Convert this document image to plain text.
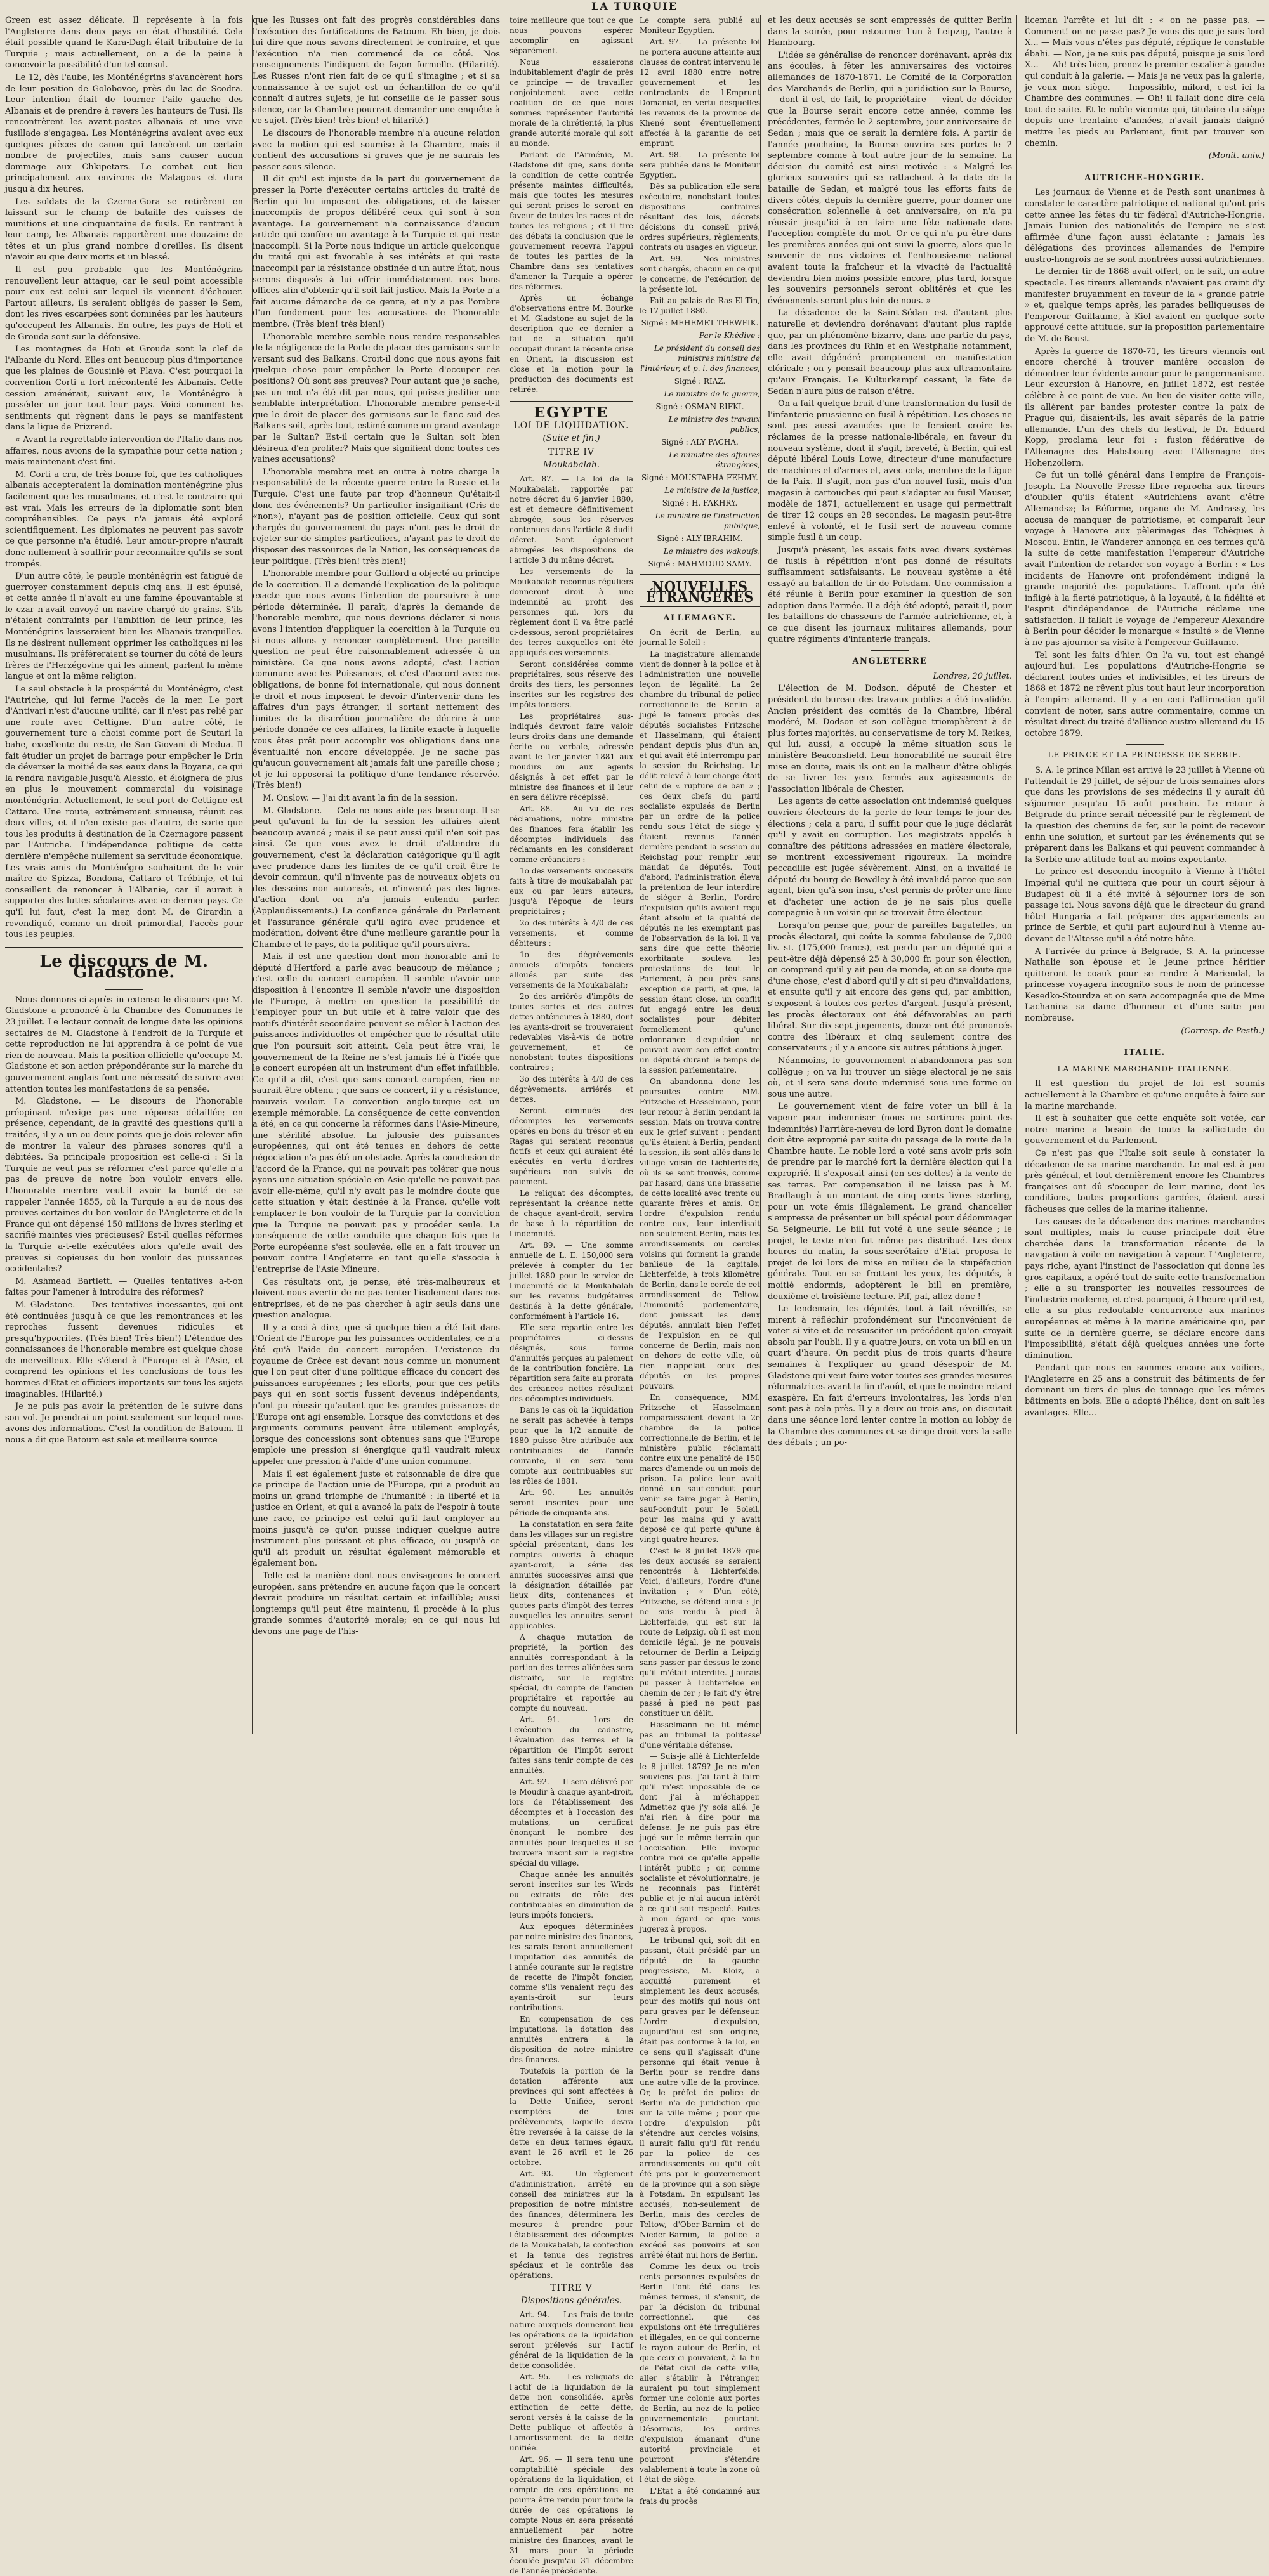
LA TURQUIE

Green est assez délicate. Il représente à la fois l'Angleterre dans deux pays en état d'hostilité. Cela était possible quand le Kara-Dagh était tributaire de la Turquie ; mais actuellement, on a de la peine à concevoir la possibilité d'un tel consul.

Le 12, dès l'aube, les Monténégrins s'avancèrent hors de leur position de Golobovce, près du lac de Scodra. Leur intention était de tourner l'aile gauche des Albanais et de prendre à revers les hauteurs de Tusi. Ils rencontrèrent les avant-postes albanais et une vive fusillade s'engagea. Les Monténégrins avaient avec eux quelques pièces de canon qui lancèrent un certain nombre de projectiles, mais sans causer aucun dommage aux Chkipetars. Le combat eut lieu principalement aux environs de Matagous et dura jusqu'à dix heures.

Les soldats de la Czerna-Gora se retirèrent en laissant sur le champ de bataille des caisses de munitions et une cinquantaine de fusils. En rentrant à leur camp, les Albanais rapportèrent une douzaine de têtes et un plus grand nombre d'oreilles. Ils disent n'avoir eu que deux morts et un blessé.

Il est peu probable que les Monténégrins renouvellent leur attaque, car le seul point accessible pour eux est celui sur lequel ils viennent d'échouer. Partout ailleurs, ils seraient obligés de passer le Sem, dont les rives escarpées sont dominées par les hauteurs qu'occupent les Albanais. En outre, les pays de Hoti et de Grouda sont sur la défensive.

Les montagnes de Hoti et Grouda sont la clef de l'Albanie du Nord. Elles ont beaucoup plus d'importance que les plaines de Gousinié et Plava. C'est pourquoi la convention Corti a fort mécontenté les Albanais. Cette cession aménérait, suivant eux, le Monténégro à posséder un jour tout leur pays. Voici comment les sentiments qui règnent dans le pays se manifestent dans la ligue de Prizrend.

« Avant la regrettable intervention de l'Italie dans nos affaires, nous avions de la sympathie pour cette nation ; mais maintenant c'est fini.

M. Corti a cru, de très bonne foi, que les catholiques albanais accepteraient la domination monténégrine plus facilement que les musulmans, et c'est le contraire qui est vrai. Mais les erreurs de la diplomatie sont bien compréhensibles. Ce pays n'a jamais été exploré scientifiquement. Les diplomates ne peuvent pas savoir ce que personne n'a étudié. Leur amour-propre n'aurait donc nullement à souffrir pour reconnaître qu'ils se sont trompés.

D'un autre côté, le peuple monténégrin est fatigué de guerroyer constamment depuis cinq ans. Il est épuisé, et cette année il n'avait eu une famine épouvantable si le czar n'avait envoyé un navire chargé de grains. S'ils n'étaient contraints par l'ambition de leur prince, les Monténégrins laisseraient bien les Albanais tranquilles. Ils ne désirent nullement opprimer les catholiques ni les musulmans. Ils préféreraient se tourner du côté de leurs frères de l'Herzégovine qui les aiment, parlent la même langue et ont la même religion.

Le seul obstacle à la prospérité du Monténégro, c'est l'Autriche, qui lui ferme l'accès de la mer. Le port d'Antivari n'est d'aucune utilité, car il n'est pas relié par une route avec Cettigne. D'un autre côté, le gouvernement turc a choisi comme port de Scutari la bahe, excellente du reste, de San Giovani di Medua. Il fait étudier un projet de barrage pour empêcher le Drin de déverser la moitié de ses eaux dans la Boyana, ce qui la rendra navigable jusqu'à Alessio, et éloignera de plus en plus le mouvement commercial du voisinage monténégrin. Actuellement, le seul port de Cettigne est Cattaro. Une route, extrêmement sinueuse, réunit ces deux villes, et il n'en existe pas d'autre, de sorte que tous les produits à destination de la Czernagore passent par l'Autriche. L'indépendance politique de cette dernière n'empêche nullement sa servitude économique. Les vrais amis du Monténégro souhaitent de le voir maître de Spizza, Bondona, Cattaro et Trébinje, et lui conseillent de renoncer à l'Albanie, car il aurait à supporter des luttes séculaires avec ce dernier pays. Ce qu'il lui faut, c'est la mer, dont M. de Girardin a revendiqué, comme un droit primordial, l'accès pour tous les peuples.

Le discours de M. Gladstone.

Nous donnons ci-après in extenso le discours que M. Gladstone a prononcé à la Chambre des Communes le 23 juillet. Le lecteur connaît de longue date les opinions sectaires de M. Gladstone à l'endroit de la Turquie et cette reproduction ne lui apprendra à ce point de vue rien de nouveau. Mais la position officielle qu'occupe M. Gladstone et son action prépondérante sur la marche du gouvernement anglais font une nécessité de suivre avec attention toutes les manifestations de sa pensée.

M. Gladstone. — Le discours de l'honorable préopinant m'exige pas une réponse détaillée; en présence, cependant, de la gravité des questions qu'il a traitées, il y a un ou deux points que je dois relever afin de montrer la valeur des phrases sonores qu'il a débitées. Sa principale proposition est celle-ci : Si la Turquie ne veut pas se réformer c'est parce qu'elle n'a pas de preuve de notre bon vouloir envers elle. L'honorable membre veut-il avoir la bonté de se rappeler l'année 1855, où la Turquie a eu de nous des preuves certaines du bon vouloir de l'Angleterre et de la France qui ont dépensé 150 millions de livres sterling et sacrifié maintes vies précieuses? Est-il quelles réformes la Turquie a-t-elle exécutées alors qu'elle avait des preuves si copieuses du bon vouloir des puissances occidentales?

M. Ashmead Bartlett. — Quelles tentatives a-t-on faites pour l'amener à introduire des réformes?

M. Gladstone. — Des tentatives incessantes, qui ont été continuées jusqu'à ce que les remontrances et les reproches fussent devenues ridicules et presqu'hypocrites. (Très bien! Très bien!) L'étendue des connaissances de l'honorable membre est quelque chose de merveilleux. Elle s'étend à l'Europe et à l'Asie, et comprend les opinions et les conclusions de tous les hommes d'Etat et officiers importants sur tous les sujets imaginables. (Hilarité.)

Je ne puis pas avoir la prétention de le suivre dans son vol. Je prendrai un point seulement sur lequel nous avons des informations. C'est la condition de Batoum. Il nous a dit que Batoum est sale et meilleure source

que les Russes ont fait des progrès considérables dans l'exécution des fortifications de Batoum. Eh bien, je dois lui dire que nous savons directement le contraire, et que l'exécution n'a rien commencé de ce côté. Nos renseignements l'indiquent de façon formelle. (Hilarité). Les Russes n'ont rien fait de ce qu'il s'imagine ; et si sa connaissance à ce sujet est un échantillon de ce qu'il connaît d'autres sujets, je lui conseille de le passer sous silence, car la Chambre pourrait demander une enquête à ce sujet. (Très bien! très bien! et hilarité.)

Le discours de l'honorable membre n'a aucune relation avec la motion qui est soumise à la Chambre, mais il contient des accusations si graves que je ne saurais les passer sous silence.

Il dit qu'il est injuste de la part du gouvernement de presser la Porte d'exécuter certains articles du traité de Berlin qui lui imposent des obligations, et de laisser inaccomplis de propos délibéré ceux qui sont à son avantage. Le gouvernement n'a connaissance d'aucun article qui confère un avantage à la Turquie et qui reste inaccompli. Si la Porte nous indique un article quelconque du traité qui est favorable à ses intérêts et qui reste inaccompli par la résistance obstinée d'un autre État, nous serons disposés à lui offrir immédiatement nos bons offices afin d'obtenir qu'il soit fait justice. Mais la Porte n'a fait aucune démarche de ce genre, et n'y a pas l'ombre d'un fondement pour les accusations de l'honorable membre. (Très bien! très bien!)

L'honorable membre semble nous rendre responsables de la négligence de la Porte de placer des garnisons sur le versant sud des Balkans. Croit-il donc que nous ayons fait quelque chose pour empêcher la Porte d'occuper ces positions? Où sont ses preuves? Pour autant que je sache, pas un mot n'a été dit par nous, qui puisse justifier une semblable interprétation. L'honorable membre pense-t-il que le droit de placer des garnisons sur le flanc sud des Balkans soit, après tout, estimé comme un grand avantage par le Sultan? Est-il certain que le Sultan soit bien désireux d'en profiter? Mais que signifient donc toutes ces vaines accusations?

L'honorable membre met en outre à notre charge la responsabilité de la récente guerre entre la Russie et la Turquie. C'est une faute par trop d'honneur. Qu'était-il donc des événements? Un particulier insignifiant (Cris de «non»), n'ayant pas de position officielle. Ceux qui sont chargés du gouvernement du pays n'ont pas le droit de rejeter sur de simples particuliers, n'ayant pas le droit de disposer des ressources de la Nation, les conséquences de leur politique. (Très bien! très bien!)

L'honorable membre pour Guilford a objecté au principe de la coercition. Il a demandé l'explication de la politique exacte que nous avons l'intention de poursuivre à une période déterminée. Il paraît, d'après la demande de l'honorable membre, que nous devrions déclarer si nous avons l'intention d'appliquer la coercition à la Turquie ou si nous allons y renoncer complètement. Une pareille question ne peut être raisonnablement adressée à un ministère. Ce que nous avons adopté, c'est l'action commune avec les Puissances, et c'est d'accord avec nos obligations, de bonne foi internationale, qui nous donnent le droit et nous imposent le devoir d'intervenir dans les affaires d'un pays étranger, il sortant nettement des limites de la discrétion journalière de décrire à une période donnée ce ces affaires, la limite exacte à laquelle vous êtes prêt pour accomplir vos obligations dans une éventualité non encore développée. Je ne sache pas qu'aucun gouvernement ait jamais fait une pareille chose ; et je lui opposerai la politique d'une tendance réservée. (Très bien!)

M. Onslow. — J'ai dit avant la fin de la session.

M. Gladstone. — Cela ne nous aide pas beaucoup. Il se peut qu'avant la fin de la session les affaires aient beaucoup avancé ; mais il se peut aussi qu'il n'en soit pas ainsi. Ce que vous avez le droit d'attendre du gouvernement, c'est la déclaration catégorique qu'il agit avec prudence dans les limites de ce qu'il croit être le devoir commun, qu'il n'invente pas de nouveaux objets ou des desseins non autorisés, et n'inventé pas des lignes d'action dont on n'a jamais entendu parler. (Applaudissements.) La confiance générale du Parlement et l'assurance générale qu'il agira avec prudence et modération, doivent être d'une meilleure garantie pour la Chambre et le pays, de la politique qu'il poursuivra.

Mais il est une question dont mon honorable ami le député d'Hertford a parlé avec beaucoup de mélance ; c'est celle du concert européen. Il semble n'avoir une disposition à l'encontre Il semble n'avoir une disposition de l'Europe, à mettre en question la possibilité de l'employer pour un but utile et à faire valoir que des motifs d'intérêt secondaire peuvent se mêler à l'action des puissances individuelles et empêcher que le résultat utile que l'on poursuit soit atteint. Cela peut être vrai, le gouvernement de la Reine ne s'est jamais lié à l'idée que le concert européen ait un instrument d'un effet infaillible. Ce qu'il a dit, c'est que sans concert européen, rien ne saurait être obtenu ; que sans ce concert, il y a résistance, mauvais vouloir. La convention anglo-turque est un exemple mémorable. La conséquence de cette convention a été, en ce qui concerne la réformes dans l'Asie-Mineure, une stérilité absolue. La jalousie des puissances européennes, qui ont été tenues en dehors de cette négociation n'a pas été un obstacle. Après la conclusion de l'accord de la France, qui ne pouvait pas tolérer que nous ayons une situation spéciale en Asie qu'elle ne pouvait pas avoir elle-même, qu'il n'y avait pas le moindre doute que cette situation y était destinée à la France, qu'elle voit remplacer le bon vouloir de la Turquie par la conviction que la Turquie ne pouvait pas y procéder seule. La conséquence de cette conduite que chaque fois que la Porte européenne s'est soulevée, elle en a fait trouver un pouvoir contre l'Angleterre en tant qu'elle s'associe à l'entreprise de l'Asie Mineure.

Ces résultats ont, je pense, été très-malheureux et doivent nous avertir de ne pas tenter l'isolement dans nos entreprises, et de ne pas chercher à agir seuls dans une question analogue.

Il y a ceci à dire, que si quelque bien a été fait dans l'Orient de l'Europe par les puissances occidentales, ce n'a été qu'à l'aide du concert européen. L'existence du royaume de Grèce est devant nous comme un monument que l'on peut citer d'une politique efficace du concert des puissances européennes ; les efforts, pour que ces petits pays qui en sont sortis fussent devenus indépendants, n'ont pu réussir qu'autant que les grandes puissances de l'Europe ont agi ensemble. Lorsque des convictions et des arguments communs peuvent être utilement employés, lorsque des concessions sont obtenues sans que l'Europe emploie une pression si énergique qu'il vaudrait mieux appeler une pression à l'aide d'une union commune.

Mais il est également juste et raisonnable de dire que ce principe de l'action unie de l'Europe, qui a produit au moins un grand triomphe de l'humanité : la liberté et la justice en Orient, et qui a avancé la paix de l'espoir à toute une race, ce principe est celui qu'il faut employer au moins jusqu'à ce qu'on puisse indiquer quelque autre instrument plus puissant et plus efficace, ou jusqu'à ce qu'il ait produit un résultat également mémorable et également bon.

Telle est la manière dont nous envisageons le concert européen, sans prétendre en aucune façon que le concert devrait produire un résultat certain et infaillible; aussi longtemps qu'il peut être maintenu, il procède à la plus grande sommes d'autorité morale; en ce qui nous lui devons une page de l'his-

toire meilleure que tout ce que nous pouvons espérer accomplir en agissant séparément.

Nous essaierons indubitablement d'agir de près ce principe — de travailler conjointement avec cette coalition de ce que nous sommes représenter l'autorité morale de la chrétienté, la plus grande autorité morale qui soit au monde.

Parlant de l'Arménie, M. Gladstone dit que, sans doute la condition de cette contrée présente maintes difficultés, mais que toutes les mesures qui seront prises le seront en faveur de toutes les races et de toutes les religions ; et il tire des débats la conclusion que le gouvernement recevra l'appui de toutes les parties de la Chambre dans ses tentatives d'amener la Turquie à opérer des réformes.

Après un échange d'observations entre M. Bourke et M. Gladstone au sujet de la description que ce dernier a fait de la situation qu'il occupait durant la récente crise en Orient, la discussion est close et la motion pour la production des documents est retirée.

EGYPTE
LOI DE LIQUIDATION.
(Suite et fin.)
TITRE IV
Moukabalah.

Art. 87. — La loi de la Moukabalah, rapportée par notre décret du 6 janvier 1880, est et demeure définitivement abrogée, sous les réserves contenues dans l'article 8 dudit décret. Sont également abrogées les dispositions de l'article 3 du même décret.

Les versements de la Moukabalah reconnus réguliers donneront droit à une indemnité au profit des personnes qui, lors du règlement dont il va être parlé ci-dessous, seront propriétaires des terres auxquelles ont été appliqués ces versements.

Seront considérées comme propriétaires, sous réserve des droits des tiers, les personnes inscrites sur les registres des impôts fonciers.

Les propriétaires sus-indiqués devront faire valoir leurs droits dans une demande écrite ou verbale, adressée avant le 1er janvier 1881 aux moudirs ou aux agents désignés à cet effet par le ministre des finances et il leur en sera délivré récépissé.

Art. 88. — Au vu de ces réclamations, notre ministre des finances fera établir les décomptes individuels des réclamants en les considérant comme créanciers :

1o des versements successifs faits à titre de moukabalah par eux ou par leurs auteurs, jusqu'à l'époque de leurs propriétaires ;

2o des intérêts à 4/0 de ces versements, et comme débiteurs :

1o des dégrèvements annuels d'impôts fonciers alloués par suite des versements de la Moukabalah;

2o des arriérés d'impôts de toutes sortes et des autres dettes antérieures à 1880, dont les ayants-droit se trouveraient redevables vis-à-vis de notre gouvernement, et ce nonobstant toutes dispositions contraires ;

3o des intérêts à 4/0 de ces dégrèvements, arriérés et dettes.

Seront diminués des décomptes les versements opérés en bons du trésor et en Ragas qui seraient reconnus fictifs et ceux qui auraient été exécutés en vertu d'ordres supérieurs non suivis de paiement.

Le reliquat des décomptes, représentant la créance nette de chaque ayant-droit, servira de base à la répartition de l'indemnité.

Art. 89. — Une somme annuelle de L. E. 150,000 sera prélevée à compter du 1er juillet 1880 pour le service de l'indemnité de la Moukabalah sur les revenus budgétaires destinés à la dette générale, conformément à l'article 16.

Elle sera répartie entre les propriétaires ci-dessus désignés, sous forme d'annuités perçues au paiement de la contribution foncière. La répartition sera faite au prorata des créances nettes résultant des décomptes individuels.

Dans le cas où la liquidation ne serait pas achevée à temps pour que la 1/2 annuité de 1880 puisse être attribuée aux contribuables de l'année courante, il en sera tenu compte aux contribuables sur les rôles de 1881.

Art. 90. — Les annuités seront inscrites pour une période de cinquante ans.

La constatation en sera faite dans les villages sur un registre spécial présentant, dans les comptes ouverts à chaque ayant-droit, la série des annuités successives ainsi que la désignation détaillée par lieux dits, contenances et quotes parts d'impôt des terres auxquelles les annuités seront applicables.

A chaque mutation de propriété, la portion des annuités correspondant à la portion des terres aliénées sera distraite, sur le registre spécial, du compte de l'ancien propriétaire et reportée au compte du nouveau.

Art. 91. — Lors de l'exécution du cadastre, l'évaluation des terres et la répartition de l'impôt seront faites sans tenir compte de ces annuités.

Art. 92. — Il sera délivré par le Moudir à chaque ayant-droit, lors de l'établissement des décomptes et à l'occasion des mutations, un certificat énonçant le nombre des annuités pour lesquelles il se trouvera inscrit sur le registre spécial du village.

Chaque année les annuités seront inscrites sur les Wirds ou extraits de rôle des contribuables en diminution de leurs impôts fonciers.

Aux époques déterminées par notre ministre des finances, les sarafs feront annuellement l'imputation des annuités de l'année courante sur le registre de recette de l'impôt foncier, comme s'ils venaient reçu des ayants-droit sur leurs contributions.

En compensation de ces imputations, la dotation des annuités entrera à la disposition de notre ministre des finances.

Toutefois la portion de la dotation afférente aux provinces qui sont affectées à la Dette Unifiée, seront exemptées de tous prélèvements, laquelle devra être reversée à la caisse de la dette en deux termes égaux, avant le 26 avril et le 26 octobre.

Art. 93. — Un règlement d'administration, arrêté en conseil des ministres sur la proposition de notre ministre des finances, déterminera les mesures à prendre pour l'établissement des décomptes de la Moukabalah, la confection et la tenue des registres spéciaux et le contrôle des opérations.

TITRE V
Dispositions générales.

Art. 94. — Les frais de toute nature auxquels donneront lieu les opérations de la liquidation seront prélevés sur l'actif général de la liquidation de la dette consolidée.

Art. 95. — Les reliquats de l'actif de la liquidation de la dette non consolidée, après extinction de cette dette, seront versés à la caisse de la Dette publique et affectés à l'amortissement de la dette unifiée.

Art. 96. — Il sera tenu une comptabilité spéciale des opérations de la liquidation, et compte de ces opérations ne pourra être rendu pour toute la durée de ces opérations le compte Nous en sera présenté annuellement par notre ministre des finances, avant le 31 mars pour la période écoulée jusqu'au 31 décembre de l'année précédente.

et les deux accusés se sont empressés de quitter Berlin dans la soirée, pour retourner l'un à Leipzig, l'autre à Hambourg.

L'idée se généralise de renoncer dorénavant, après dix ans écoulés, à fêter les anniversaires des victoires allemandes de 1870-1871. Le Comité de la Corporation des Marchands de Berlin, qui a juridiction sur la Bourse, — dont il est, de fait, le propriétaire — vient de décider que la Bourse serait encore cette année, comme les précédentes, fermée le 2 septembre, jour anniversaire de Sedan ; mais que ce serait la dernière fois. A partir de l'année prochaine, la Bourse ouvrira ses portes le 2 septembre comme à tout autre jour de la semaine. La décision du comité est ainsi motivée : « Malgré les glorieux souvenirs qui se rattachent à la date de la bataille de Sedan, et malgré tous les efforts faits de divers côtés, depuis la dernière guerre, pour donner une consécration solennelle à cet anniversaire, on n'a pu réussir jusqu'ici à en faire une fête nationale dans l'acception complète du mot. Or ce qui n'a pu être dans les premières années qui ont suivi la guerre, alors que le souvenir de nos victoires et l'enthousiasme national avaient toute la fraîcheur et la vivacité de l'actualité deviendra bien moins possible encore, plus tard, lorsque les souvenirs personnels seront oblitérés et que les événements seront plus loin de nous. »

La décadence de la Saint-Sédan est d'autant plus naturelle et deviendra dorénavant d'autant plus rapide que, par un phénomène bizarre, dans une partie du pays, dans les provinces du Rhin et en Westphalie notamment, elle avait dégénéré promptement en manifestation cléricale ; on y pensait beaucoup plus aux ultramontains qu'aux Français. Le Kulturkampf cessant, la fête de Sedan n'aura plus de raison d'être.

On a fait quelque bruit d'une transformation du fusil de l'infanterie prussienne en fusil à répétition. Les choses ne sont pas aussi avancées que le feraient croire les réclames de la presse nationale-libérale, en faveur du nouveau système, dont il s'agit, breveté, à Berlin, qui est député libéral Louis Lowe, directeur d'une manufacture de machines et d'armes et, avec cela, membre de la Ligue de la Paix. Il s'agit, non pas d'un nouvel fusil, mais d'un magasin à cartouches qui peut s'adapter au fusil Mauser, modèle de 1871, actuellement en usage qui permettrait de tirer 12 coups en 28 secondes. Le magasin peut-être enlevé à volonté, et le fusil sert de nouveau comme simple fusil à un coup.

Jusqu'à présent, les essais faits avec divers systèmes de fusils à répétition n'ont pas donné de résultats suffisamment satisfaisants. Le nouveau système a été essayé au bataillon de tir de Potsdam. Une commission a été réunie à Berlin pour examiner la question de son adoption dans l'armée. Il a déjà été adopté, parait-il, pour les bataillons de chasseurs de l'armée autrichienne, et, à ce que disent les journaux militaires allemands, pour quatre régiments d'infanterie français.

ANGLETERRE
Londres, 20 juillet.

L'élection de M. Dodson, député de Chester et président du bureau des travaux publics a été invalidée. Ancien président des comités de la Chambre, libéral modéré, M. Dodson et son collègue triomphèrent à de plus fortes majorités, au conservatisme de tory M. Reikes, qui lui, aussi, a occupé la même situation sous le ministère Beaconsfield. Leur honorabilité ne saurait être mise en doute, mais ils ont eu le malheur d'être obligés de se livrer les yeux fermés aux agissements de l'association libérale de Chester.

Les agents de cette association ont indemnisé quelques ouvriers électeurs de la perte de leur temps le jour des élections ; cela a paru, il suffit pour que le juge déclarât qu'il y avait eu corruption. Les magistrats appelés à connaître des pétitions adressées en matière électorale, se montrent excessivement rigoureux. La moindre peccadille est jugée sévèrement. Ainsi, on a invalidé le député du bourg de Bewdley à été invalidé parce que son agent, bien qu'à son insu, s'est permis de prêter une lime et d'acheter une action de je ne sais plus quelle compagnie à un voisin qui se trouvait être électeur.

Lorsqu'on pense que, pour de pareilles bagatelles, un procès électoral, qui coûte la somme fabuleuse de 7,000 liv. st. (175,000 francs), est perdu par un député qui a peut-être déjà dépensé 25 à 30,000 fr. pour son élection, on comprend qu'il y ait peu de monde, et on se doute que d'une chose, c'est d'abord qu'il y ait si peu d'invalidations, et ensuite qu'il y ait encore des gens qui, par ambition, s'exposent à toutes ces pertes d'argent. Jusqu'à présent, les procès électoraux ont été défavorables au parti libéral. Sur dix-sept jugements, douze ont été prononcés contre des libéraux et cinq seulement contre des conservateurs ; il y a encore six autres pétitions à juger.

Néanmoins, le gouvernement n'abandonnera pas son collègue ; on va lui trouver un siège électoral je ne sais où, et il sera sans doute indemnisé sous une forme ou sous une autre.

Le gouvernement vient de faire voter un bill à la vapeur pour indemniser (nous ne sortirons point des indemnités) l'arrière-neveu de lord Byron dont le domaine doit être exproprié par suite du passage de la route de la Chambre haute. Le noble lord a voté sans avoir pris soin de prendre par le marché fort la dernière élection qui l'a exproprié. Il s'exposait ainsi (en ses dettes) à la vente de ses terres. Par compensation il ne laissa pas à M. Bradlaugh à un montant de cinq cents livres sterling, pour un vote émis illégalement. Le grand chancelier s'empressa de présenter un bill spécial pour dédommager Sa Seigneurie. Le bill fut voté à une seule séance ; le projet, le texte n'en fut même pas distribué. Les deux heures du matin, la sous-secrétaire d'Etat proposa le projet de loi lors de mise en milieu de la stupéfaction générale. Tout en se frottant les yeux, les députés, à moitié endormis, adoptèrent le bill en première, deuxième et troisième lecture. Pif, paf, allez donc !

Le lendemain, les députés, tout à fait réveillés, se mirent à réfléchir profondément sur l'inconvénient de voter si vite et de ressusciter un précédent qu'on croyait absolu par l'oubli. Il y a quatre jours, on vota un bill en un quart d'heure. On perdit plus de trois quarts d'heure semaines à l'expliquer au grand désespoir de M. Gladstone qui veut faire voter toutes ses grandes mesures réformatrices avant la fin d'août, et que le moindre retard exaspère. En fait d'erreurs involontaires, les lords n'en sont pas à cela près. Il y a deux ou trois ans, on discutait dans une séance lord lenter contre la motion au lobby de la Chambre des communes et se dirige droit vers la salle des débats ; un po-

Le compte sera publié au Moniteur Egyptien.

Art. 97. — La présente loi ne portera aucune atteinte aux clauses de contrat intervenu le 12 avril 1880 entre notre gouvernement et les contractants de l'Emprunt Domanial, en vertu desquelles les revenus de la province de Khené sont éventuellement affectés à la garantie de cet emprunt.

Art. 98. — La présente loi sera publiée dans le Moniteur Egyptien.

Dès sa publication elle sera exécutoire, nonobstant toutes dispositions contraires résultant des lois, décrets décisions du conseil privé, ordres supérieurs, règlements, contrats ou usages en vigueur.

Art. 99. — Nos ministres sont chargés, chacun en ce qui le concerne, de l'exécution de la présente loi.

Fait au palais de Ras-El-Tin, le 17 juillet 1880.

Signé : MEHEMET THEWFIK.
Par le Khédive :
Le président du conseil des ministres ministre de l'intérieur, et p. i. des finances,
Signé : RIAZ.
Le ministre de la guerre,
Signé : OSMAN RIFKI.
Le ministre des travaux publics,
Signé : ALY PACHA.
Le ministre des affaires étrangères,
Signé : MOUSTAPHA-FEHMY.
Le ministre de la justice,
Signé : H. FAKHRY.
Le ministre de l'instruction publique,
Signé : ALY-IBRAHIM.
Le ministre des wakoufs,
Signé : MAHMOUD SAMY.
NOUVELLES ÉTRANGÈRES
ALLEMAGNE.

On écrit de Berlin, au journal le Soleil :

La magistrature allemande vient de donner à la police et à l'administration une nouvelle leçon de légalité. La 2e chambre du tribunal de police correctionnelle de Berlin a jugé le fameux procès des députés socialistes Fritzsche et Hasselmann, qui étaient pendant depuis plus d'un an, et qui avait été interrompu par la session du Reichstag. Le délit relevé à leur charge était celui de « rupture de ban » ; ces deux chefs du parti socialiste expulsés de Berlin par un ordre de la police rendu sous l'état de siège y étaient revenus l'année dernière pendant la session du Reichstag pour remplir leur mandat de députés. Tout d'abord, l'administration éleva la prétention de leur interdire de siéger à Berlin, l'ordre d'expulsion qu'ils avaient reçu étant absolu et la qualité de députés ne les exemptant pas de l'observation de la loi. Il va sans dire que cette théorie exorbitante souleva les protestations de tout le Parlement, à peu près sans exception de parti, et que, la session étant close, un conflit fut engagé entre les deux socialistes pour débiter formellement qu'une ordonnance d'expulsion ne pouvait avoir son effet contre un député durant le temps de la session parlementaire.

On abandonna donc les poursuites contre MM. Fritzsche et Hasselmann, pour leur retour à Berlin pendant la session. Mais on trouva contre eux le grief suivant : pendant qu'ils étaient à Berlin, pendant la session, ils sont allés dans le village voisin de Lichterfelde, où ils se sont trouvés, comme par hasard, dans une brasserie de cette localité avec trente ou quarante frères et amis. Or, l'ordre d'expulsion rendu contre eux, leur interdisait non-seulement Berlin, mais les arrondissements ou cercles voisins qui forment la grande banlieue de la capitale. Lichterfelde, à trois kilomètre de Berlin, dans le cercle de cet arrondissement de Teltow. L'immunité parlementaire, dont jouissait les deux députés, annulait bien l'effet de l'expulsion en ce qui concerne de Berlin, mais non en dehors de cette ville, où rien n'appelait ceux des députés en les propres pouvoirs.

En conséquence, MM. Fritzsche et Hasselmann comparaissaient devant la 2e chambre de la police correctionnelle de Berlin, et le ministère public réclamait contre eux une pénalité de 150 marcs d'amende ou un mois de prison. La police leur avait donné un sauf-conduit pour venir se faire juger à Berlin, sauf-conduit pour le Soleil, pour les mains qui y avait déposé ce qui porte qu'une à vingt-quatre heures.

C'est le 8 juillet 1879 que les deux accusés se seraient rencontrés à Lichterfelde. Voici, d'ailleurs, l'ordre d'une invitation ; « D'un côté, Fritzsche, se défend ainsi : Je ne suis rendu à pied à Lichterfelde, qui est sur la route de Leipzig, où il est mon domicile légal, je ne pouvais retourner de Berlin à Leipzig sans passer par-dessus le zone qu'il m'était interdite. J'aurais pu passer à Lichterfelde en chemin de fer ; le fait d'y être passé à pied ne peut pas constituer un délit.

Hasselmann ne fit même pas au tribunal la politesse d'une véritable défense.

— Suis-je allé à Lichterfelde le 8 juillet 1879? Je ne m'en souviens pas. J'ai tant à faire qu'il m'est impossible de ce dont j'ai à m'échapper. Admettez que j'y sois allé. Je n'ai rien à dire pour ma défense. Je ne puis pas être jugé sur le même terrain que l'accusation. Elle invoque contre moi ce qu'elle appelle l'intérêt public ; or, comme socialiste et révolutionnaire, je ne reconnais pas l'intérêt public et je n'ai aucun intérêt à ce qu'il soit respecté. Faites à mon égard ce que vous jugerez à propos.

Le tribunal qui, soit dit en passant, était présidé par un député de la gauche progressiste, M. Kloiz, a acquitté purement et simplement les deux accusés, pour des motifs qui nous ont paru graves par le défenseur. L'ordre d'expulsion, aujourd'hui est son origine, était pas conforme à la loi, en ce sens qu'il s'agissait d'une personne qui était venue à Berlin pour se rendre dans une autre ville de la province. Or, le préfet de police de Berlin n'a de juridiction que sur la ville même ; pour que l'ordre d'expulsion pût s'étendre aux cercles voisins, il aurait fallu qu'il fût rendu par la police de ces arrondissements ou qu'il eût été pris par le gouvernement de la province qui a son siège à Potsdam. En expulsant les accusés, non-seulement de Berlin, mais des cercles de Teltow, d'Ober-Barnim et de Nieder-Barnim, la police a excédé ses pouvoirs et son arrêté était nul hors de Berlin.

Comme les deux ou trois cents personnes expulsées de Berlin l'ont été dans les mêmes termes, il s'ensuit, de par la décision du tribunal correctionnel, que ces expulsions ont été irrégulières et illégales, en ce qui concerne le rayon autour de Berlin, et que ceux-ci pouvaient, à la fin de l'état civil de cette ville, aller s'établir à l'étranger, auraient pu tout simplement former une colonie aux portes de Berlin, au nez de la police gouvernementale pourtant. Désormais, les ordres d'expulsion émanant d'une autorité provinciale et pourront s'étendre valablement à toute la zone où l'état de siège.

L'Etat a été condamné aux frais du procès

liceman l'arrête et lui dit : « on ne passe pas. — Comment! on ne passe pas? Je vous dis que je suis lord X... — Mais vous n'êtes pas député, réplique le constable ébahi. — Non, je ne suis pas député, puisque je suis lord X... — Ah! très bien, prenez le premier escalier à gauche qui conduit à la galerie. — Mais je ne veux pas la galerie, je veux mon siège. — Impossible, milord, c'est ici la Chambre des communes. — Oh! il fallait donc dire cela tout de suite. Et le noble vicomte qui, titulaire du siège depuis une trentaine d'années, n'avait jamais daigné mettre les pieds au Parlement, finit par trouver son chemin.

(Monit. univ.)
AUTRICHE-HONGRIE.

Les journaux de Vienne et de Pesth sont unanimes à constater le caractère patriotique et national qu'ont pris cette année les fêtes du tir fédéral d'Autriche-Hongrie. Jamais l'union des nationalités de l'empire ne s'est affirmée d'une façon aussi éclatante ; jamais les délégations des provinces allemandes de l'empire austro-hongrois ne se sont montrées aussi autrichiennes.

Le dernier tir de 1868 avait offert, on le sait, un autre spectacle. Les tireurs allemands n'avaient pas craint d'y manifester bruyamment en faveur de la « grande patrie » et, quelque temps après, les parades belliqueuses de l'empereur Guillaume, à Kiel avaient en quelque sorte approuvé cette attitude, sur la proposition parlementaire de M. de Beust.

Après la guerre de 1870-71, les tireurs viennois ont encore cherché à trouver manière occasion de démontrer leur évidente amour pour le pangermanisme. Leur excursion à Hanovre, en juillet 1872, est restée célèbre à ce point de vue. Au lieu de visiter cette ville, ils allèrent par bandes protester contre la paix de Prague qui, disaient-ils, les avait séparés de la patrie allemande. L'un des chefs du festival, le Dr. Eduard Kopp, proclama leur foi : fusion fédérative de l'Allemagne des Habsbourg avec l'Allemagne des Hohenzollern.

Ce fut un tollé général dans l'empire de François-Joseph. La Nouvelle Presse libre reprocha aux tireurs d'oublier qu'ils étaient «Autrichiens avant d'être Allemands»; la Réforme, organe de M. Andrassy, les accusa de manquer de patriotisme, et comparait leur voyage à Hanovre aux pèlerinages des Tchèques à Moscou. Enfin, le Wanderer annonça en ces termes qu'à la suite de cette manifestation l'empereur d'Autriche avait l'intention de retarder son voyage à Berlin : « Les incidents de Hanovre ont profondément indigné la grande majorité des populations. L'affront qu'a été infligé à la fierté patriotique, à la loyauté, à la fidélité et l'esprit d'indépendance de l'Autriche réclame une satisfaction. Il fallait le voyage de l'empereur Alexandre à Berlin pour décider le monarque « insulté » de Vienne à ne pas ajourner sa visite à l'empereur Guillaume.

Tel sont les faits d'hier. On l'a vu, tout est changé aujourd'hui. Les populations d'Autriche-Hongrie se déclarent toutes unies et indivisibles, et les tireurs de 1868 et 1872 ne rêvent plus tout haut leur incorporation à l'empire allemand. Il y a en ceci l'affirmation qu'il convient de noter, sans autre commentaire, comme un résultat direct du traité d'alliance austro-allemand du 15 octobre 1879.

LE PRINCE ET LA PRINCESSE DE SERBIE.

S. A. le prince Milan est arrivé le 23 juillet à Vienne où l'attendait le 29 juillet, de séjour de trois semaines alors que dans les provisions de ses médecins il y aurait dû séjourner jusqu'au 15 août prochain. Le retour à Belgrade du prince serait nécessité par le règlement de la question des chemins de fer, sur le point de recevoir enfin une solution, et surtout par les événements qui se préparent dans les Balkans et qui peuvent commander à la Serbie une attitude tout au moins expectante.

Le prince est descendu incognito à Vienne à l'hôtel Impérial qu'il ne quittera que pour un court séjour à Budapest où il a été invité à séjourner lors de son passage ici. Nous savons déjà que le directeur du grand hôtel Hungaria a fait préparer des appartements au prince de Serbie, et qu'il part aujourd'hui à Vienne au-devant de l'Altesse qu'il a été notre hôte.

A l'arrivée du prince à Belgrade, S. A. la princesse Nathalie son épouse et le jeune prince héritier quitteront le coauk pour se rendre à Mariendal, la princesse voyagera incognito sous le nom de princesse Kesedko-Stourdza et on sera accompagnée que de Mme Lachanina sa dame d'honneur et d'une suite peu nombreuse.

(Corresp. de Pesth.)
ITALIE.
LA MARINE MARCHANDE ITALIENNE.

Il est question du projet de loi est soumis actuellement à la Chambre et qu'une enquête à faire sur la marine marchande.

Il est à souhaiter que cette enquête soit votée, car notre marine a besoin de toute la sollicitude du gouvernement et du Parlement.

Ce n'est pas que l'Italie soit seule à constater la décadence de sa marine marchande. Le mal est à peu près général, et tout dernièrement encore les Chambres françaises ont dû s'occuper de leur marine, dont les conditions, toutes proportions gardées, étaient aussi fâcheuses que celles de la marine italienne.

Les causes de la décadence des marines marchandes sont multiples, mais la cause principale doit être cherchée dans la transformation récente de la navigation à voile en navigation à vapeur. L'Angleterre, pays riche, ayant l'instinct de l'association qui donne les gros capitaux, a opéré tout de suite cette transformation ; elle a su transporter les nouvelles ressources de l'industrie moderne, et c'est pourquoi, à l'heure qu'il est, elle a su plus redoutable concurrence aux marines européennes et même à la marine américaine qui, par suite de la dernière guerre, se déclare encore dans l'impossibilité, s'était déjà quelques années une forte diminution.

Pendant que nous en sommes encore aux voiliers, l'Angleterre en 25 ans a construit des bâtiments de fer dominant un tiers de plus de tonnage que les mêmes bâtiments en bois. Elle a adopté l'hélice, dont on sait les avantages. Elle...
